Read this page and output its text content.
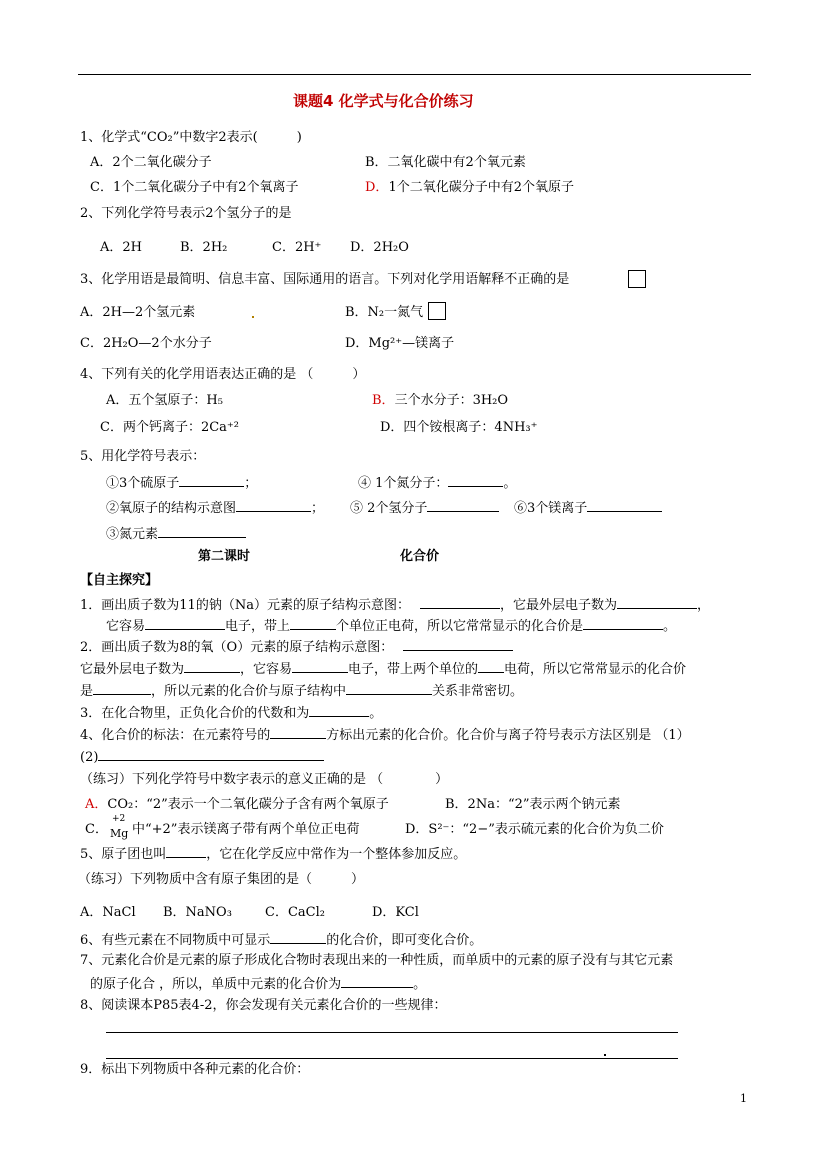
课题4 化学式与化合价练习
1、化学式“CO₂”中数字2表示(　　　)
A．2个二氧化碳分子	B．二氧化碳中有2个氧元素
C．1个二氧化碳分子中有2个氧离子	D．1个二氧化碳分子中有2个氧原子
2、下列化学符号表示2个氢分子的是
A．2H	B．2H₂	C．2H⁺ D．2H₂O
3、化学用语是最简明、信息丰富、国际通用的语言。下列对化学用语解释不正确的是
A．2H—2个氢元素	B．N₂一氮气
C．2H₂O—2个水分子	D．Mg²⁺—镁离子
4、下列有关的化学用语表达正确的是 （　　　）
A．五个氢原子：H₅	B．三个水分子：3H₂O
C．两个钙离子：2Ca⁺²	D．四个铵根离子：4NH₃⁺
5、用化学符号表示：
①3个硫原子	；	④ 1个氮分子：	。
②氧原子的结构示意图	； ⑤ 2个氢分子	⑥3个镁离子
③氮元素
第二课时	化合价
【自主探究】
1．画出质子数为11的钠（Na）元素的原子结构示意图：	，它最外层电子数为	，
它容易	电子，带上	个单位正电荷，所以它常常显示的化合价是	。
2．画出质子数为8的氧（O）元素的原子结构示意图：
它最外层电子数为	，它容易	电子，带上两个单位的 电荷，所以它常常显示的化合价
是	，所以元素的化合价与原子结构中	关系非常密切。
3．在化合物里，正负化合价的代数和为	。
4、化合价的标法：在元素符号的	方标出元素的化合价。化合价与离子符号表示方法区别是 （1）
(2)
（练习）下列化学符号中数字表示的意义正确的是 （　　　　）
A．CO₂：“2”表示一个二氧化碳分子含有两个氧原子	B．2Na：“2”表示两个钠元素
C．
+2
Mg 中“+2”表示镁离子带有两个单位正电荷	D．S²⁻：“2−”表示硫元素的化合价为负二价
5、原子团也叫	，它在化学反应中常作为一个整体参加反应。
（练习）下列物质中含有原子集团的是（　　　）
A．NaCl B．NaNO₃	C．CaCl₂	D．KCl
6、有些元素在不同物质中可显示	的化合价，即可变化合价。
7、元素化合价是元素的原子形成化合物时表现出来的一种性质，而单质中的元素的原子没有与其它元素
的原子化合 ，所以，单质中元素的化合价为	。
8、阅读课本P85表4-2，你会发现有关元素化合价的一些规律：
9．标出下列物质中各种元素的化合价：
1
